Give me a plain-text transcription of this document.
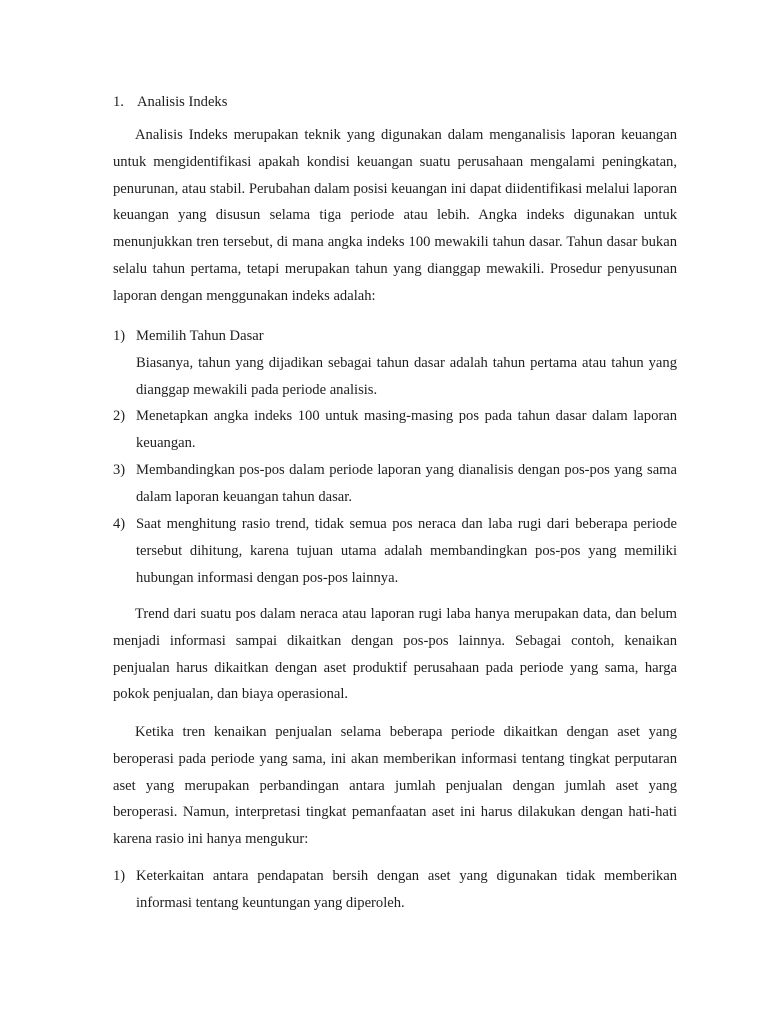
1. Analisis Indeks

Analisis Indeks merupakan teknik yang digunakan dalam menganalisis laporan keuangan untuk mengidentifikasi apakah kondisi keuangan suatu perusahaan mengalami peningkatan, penurunan, atau stabil. Perubahan dalam posisi keuangan ini dapat diidentifikasi melalui laporan keuangan yang disusun selama tiga periode atau lebih. Angka indeks digunakan untuk menunjukkan tren tersebut, di mana angka indeks 100 mewakili tahun dasar. Tahun dasar bukan selalu tahun pertama, tetapi merupakan tahun yang dianggap mewakili. Prosedur penyusunan laporan dengan menggunakan indeks adalah:

1) Memilih Tahun Dasar
Biasanya, tahun yang dijadikan sebagai tahun dasar adalah tahun pertama atau tahun yang dianggap mewakili pada periode analisis.
2) Menetapkan angka indeks 100 untuk masing-masing pos pada tahun dasar dalam laporan keuangan.
3) Membandingkan pos-pos dalam periode laporan yang dianalisis dengan pos-pos yang sama dalam laporan keuangan tahun dasar.
4) Saat menghitung rasio trend, tidak semua pos neraca dan laba rugi dari beberapa periode tersebut dihitung, karena tujuan utama adalah membandingkan pos-pos yang memiliki hubungan informasi dengan pos-pos lainnya.

Trend dari suatu pos dalam neraca atau laporan rugi laba hanya merupakan data, dan belum menjadi informasi sampai dikaitkan dengan pos-pos lainnya. Sebagai contoh, kenaikan penjualan harus dikaitkan dengan aset produktif perusahaan pada periode yang sama, harga pokok penjualan, dan biaya operasional.

Ketika tren kenaikan penjualan selama beberapa periode dikaitkan dengan aset yang beroperasi pada periode yang sama, ini akan memberikan informasi tentang tingkat perputaran aset yang merupakan perbandingan antara jumlah penjualan dengan jumlah aset yang beroperasi. Namun, interpretasi tingkat pemanfaatan aset ini harus dilakukan dengan hati-hati karena rasio ini hanya mengukur:

1) Keterkaitan antara pendapatan bersih dengan aset yang digunakan tidak memberikan informasi tentang keuntungan yang diperoleh.
